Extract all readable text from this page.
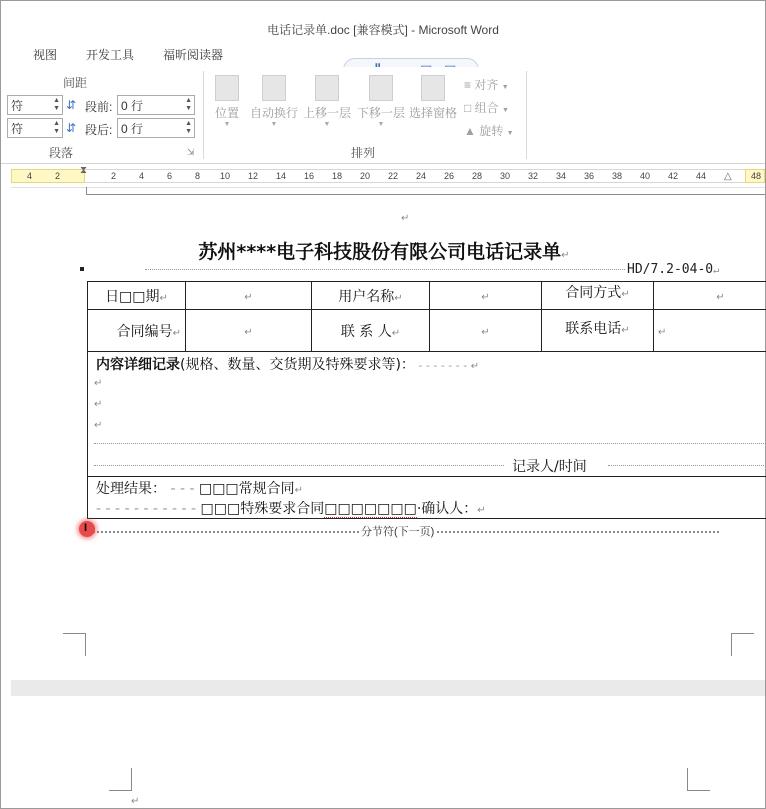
电话记录单.doc [兼容模式] - Microsoft Word
视图 开发工具 福昕阅读器
间距
符	▲
▼
符	▲
▼
⇵ 段前: 0 行	▲
▼
⇵ 段后: 0 行	▲
▼
段落	⇲
位置
▼
自动换行
▼
上移一层
▼
下移一层
▼
选择窗格
≡ 对齐 ▼
□ 组合 ▼
▲ 旋转 ▼
排列
4	2	2	4	6	8 10 12 14 16 18 20 22 24 26 28 30 32 34 36 38 40 42 44	48
⧗
△
↵
↵
苏州****电子科技股份有限公司电话记录单↵
HD/7.2-04-0↵
日□□期↵	↵	用户名称↵	↵	合同方式↵	↵
合同编号↵	↵	联 系 人↵	↵	联系电话↵	↵
内容详细记录(规格、数量、交货期及特殊要求等)： - - - - - - - ↵
↵
↵
↵
记录人/时间
处理结果： - - - □□□常规合同↵
- - - - - - - - - - - □□□特殊要求合同□□□□□□□·确认人：↵
分节符(下一页)
I
